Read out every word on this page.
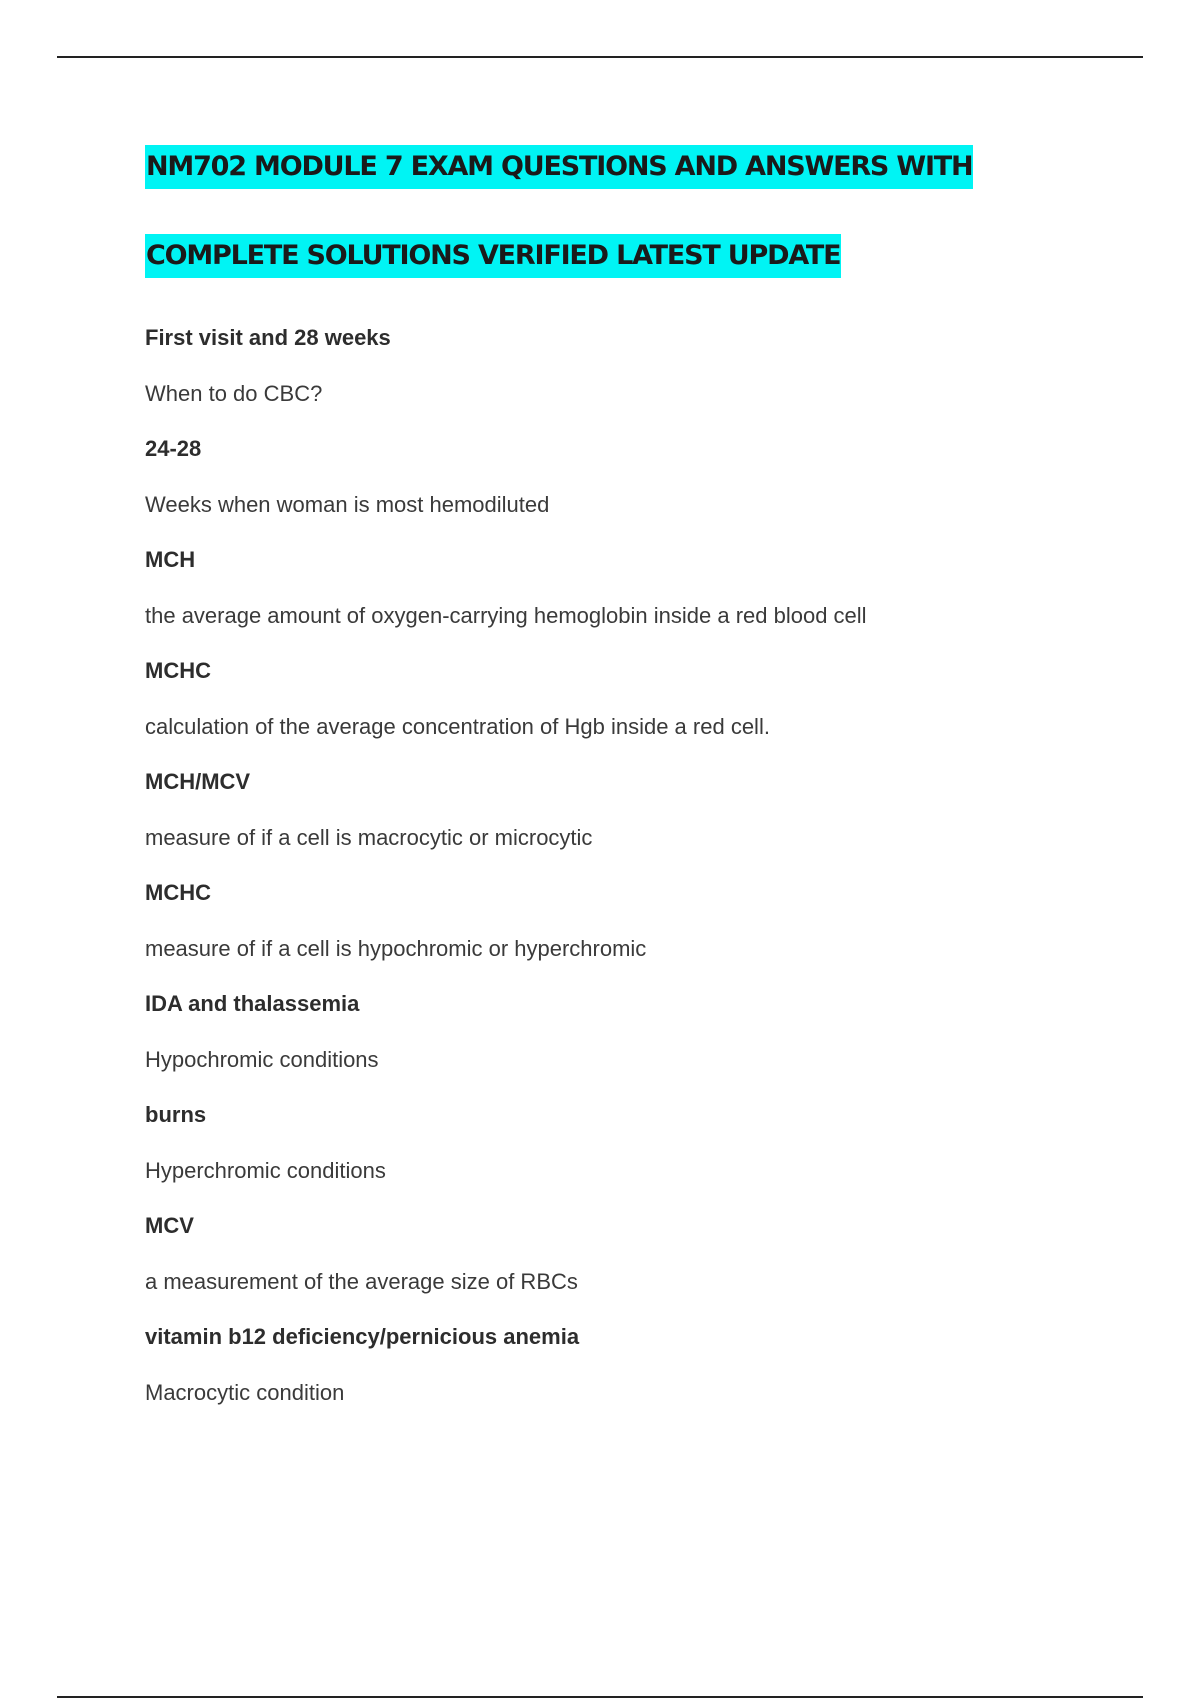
NM702 MODULE 7 EXAM QUESTIONS AND ANSWERS WITH
COMPLETE SOLUTIONS VERIFIED LATEST UPDATE
First visit and 28 weeks
When to do CBC?
24-28
Weeks when woman is most hemodiluted
MCH
the average amount of oxygen-carrying hemoglobin inside a red blood cell
MCHC
calculation of the average concentration of Hgb inside a red cell.
MCH/MCV
measure of if a cell is macrocytic or microcytic
MCHC
measure of if a cell is hypochromic or hyperchromic
IDA and thalassemia
Hypochromic conditions
burns
Hyperchromic conditions
MCV
a measurement of the average size of RBCs
vitamin b12 deficiency/pernicious anemia
Macrocytic condition
